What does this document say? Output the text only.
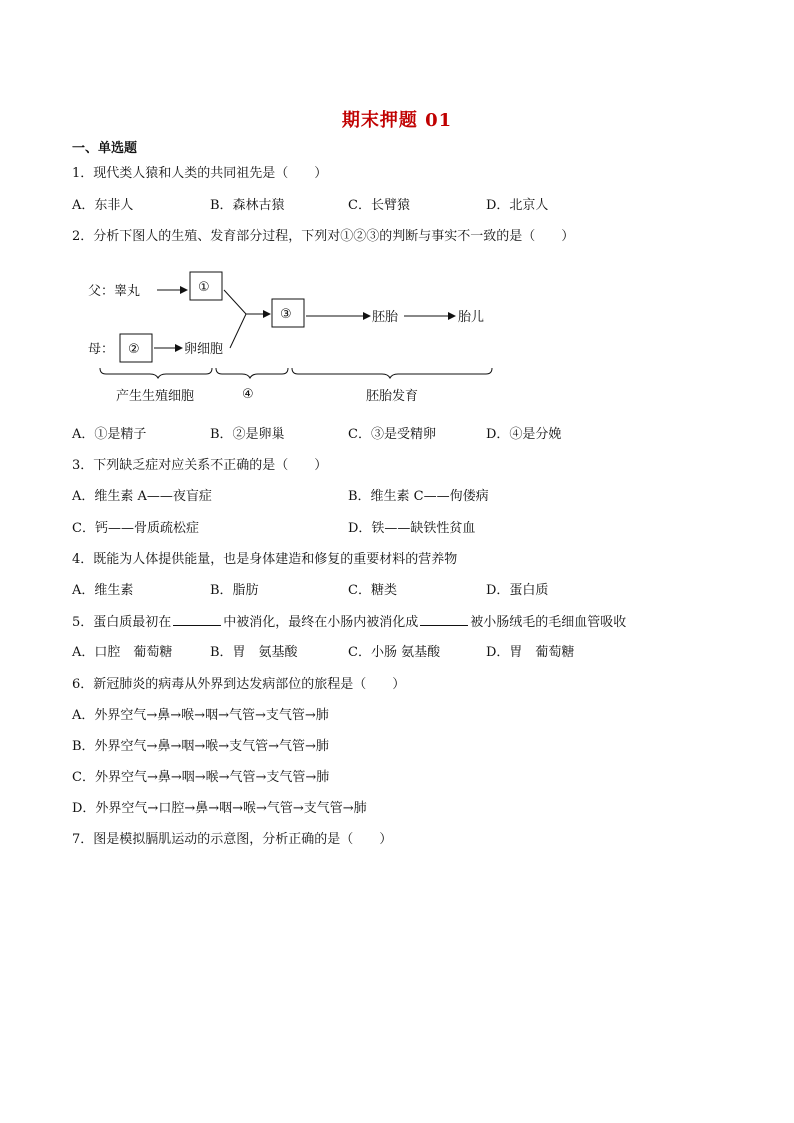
期末押题 01
一、单选题
1．现代类人猿和人类的共同祖先是（　　）
A．东非人	B．森林古猿	C．长臂猿	D．北京人
2．分析下图人的生殖、发育部分过程，下列对①②③的判断与事实不一致的是（　　）
父：睾丸	①
③	胚胎	胎儿
母： ②	卵细胞
产生生殖细胞	④	胚胎发育
A．①是精子	B．②是卵巢	C．③是受精卵	D．④是分娩
3．下列缺乏症对应关系不正确的是（　　）
A．维生素 A——夜盲症	B．维生素 C——佝偻病
C．钙——骨质疏松症	D．铁——缺铁性贫血
4．既能为人体提供能量，也是身体建造和修复的重要材料的营养物
A．维生素	B．脂肪	C．糖类	D．蛋白质
5．蛋白质最初在	中被消化，最终在小肠内被消化成	被小肠绒毛的毛细血管吸收
A．口腔　葡萄糖	B．胃　氨基酸	C．小肠 氨基酸	D．胃　葡萄糖
6．新冠肺炎的病毒从外界到达发病部位的旅程是（　　）
A．外界空气→鼻→喉→咽→气管→支气管→肺
B．外界空气→鼻→咽→喉→支气管→气管→肺
C．外界空气→鼻→咽→喉→气管→支气管→肺
D．外界空气→口腔→鼻→咽→喉→气管→支气管→肺
7．图是模拟膈肌运动的示意图，分析正确的是（　　）
